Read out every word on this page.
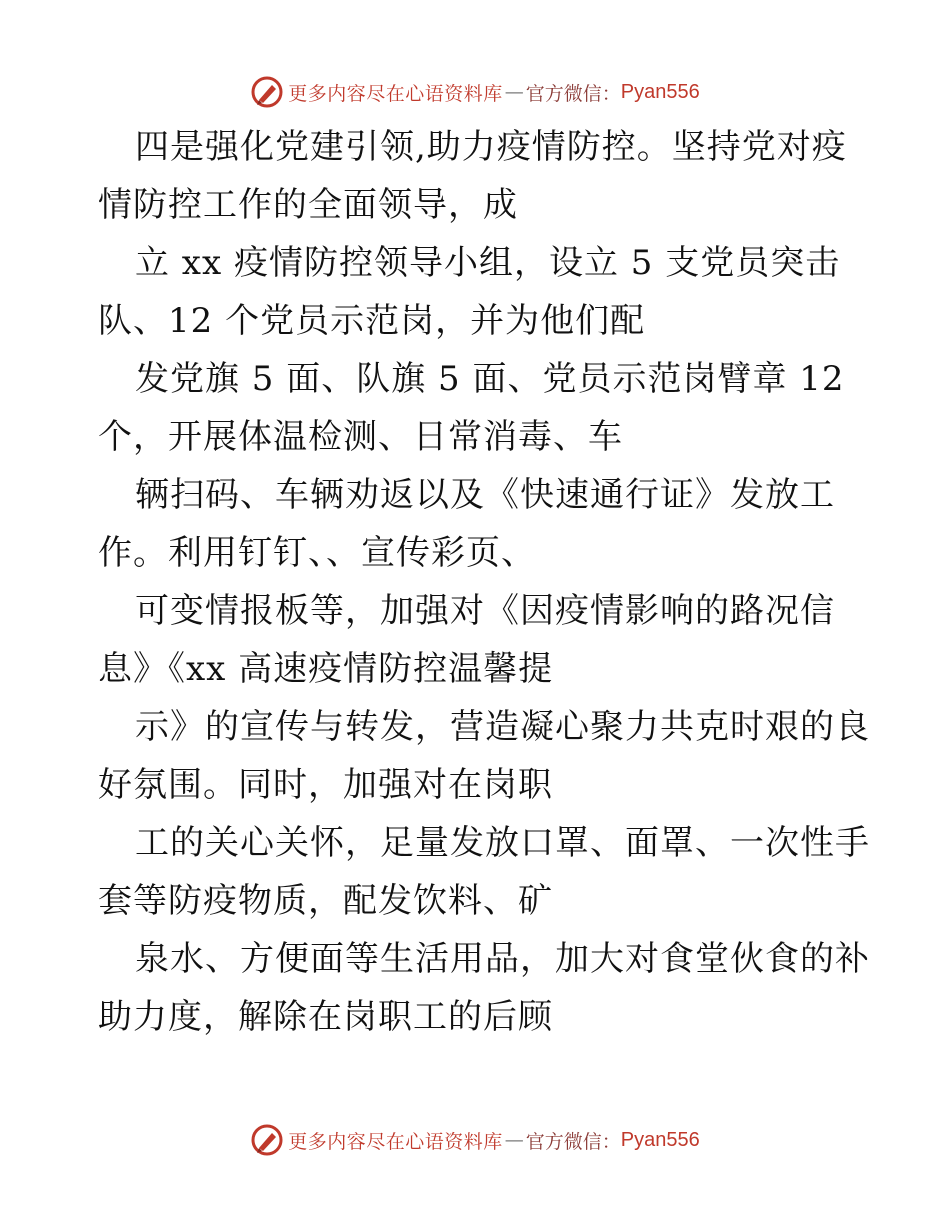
更多内容尽在心语资料库 — 官方微信： Pyan556
四是强化党建引领,助力疫情防控。坚持党对疫
情防控工作的全面领导，成
立 xx 疫情防控领导小组，设立 5 支党员突击
队、12 个党员示范岗，并为他们配
发党旗 5 面、队旗 5 面、党员示范岗臂章 12
个，开展体温检测、日常消毒、车
辆扫码、车辆劝返以及《快速通行证》发放工
作。利用钉钉、、宣传彩页、
可变情报板等，加强对《因疫情影响的路况信
息》《xx 高速疫情防控温馨提
示》的宣传与转发，营造凝心聚力共克时艰的良
好氛围。同时，加强对在岗职
工的关心关怀，足量发放口罩、面罩、一次性手
套等防疫物质，配发饮料、矿
泉水、方便面等生活用品，加大对食堂伙食的补
助力度，解除在岗职工的后顾
更多内容尽在心语资料库 — 官方微信： Pyan556
